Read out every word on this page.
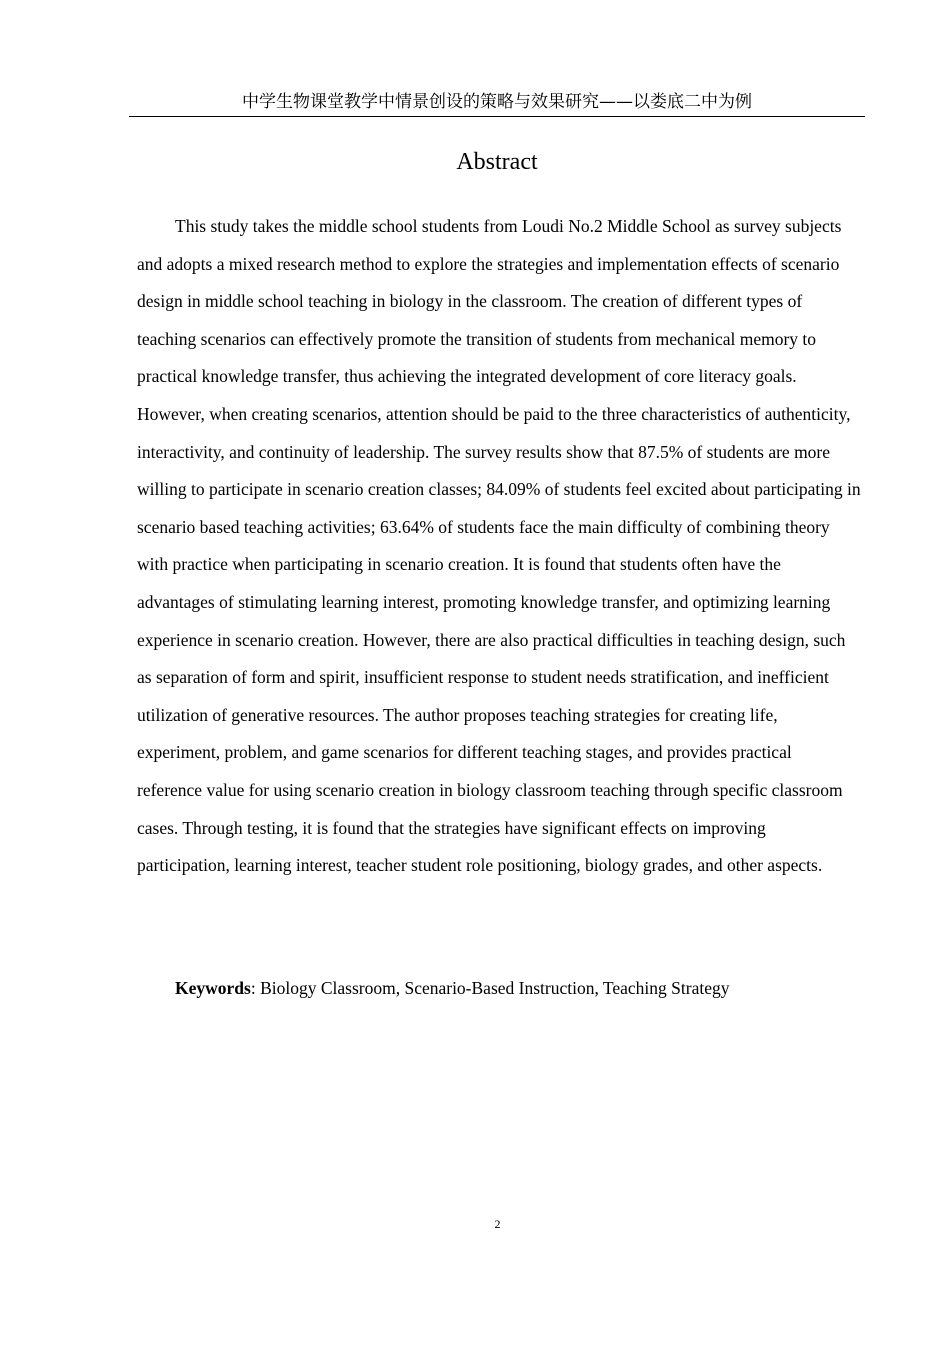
中学生物课堂教学中情景创设的策略与效果研究——以娄底二中为例
Abstract

This study takes the middle school students from Loudi No.2 Middle School as survey subjects and adopts a mixed research method to explore the strategies and implementation effects of scenario design in middle school teaching in biology in the classroom. The creation of different types of teaching scenarios can effectively promote the transition of students from mechanical memory to practical knowledge transfer, thus achieving the integrated development of core literacy goals. However, when creating scenarios, attention should be paid to the three characteristics of authenticity, interactivity, and continuity of leadership. The survey results show that 87.5% of students are more willing to participate in scenario creation classes; 84.09% of students feel excited about participating in scenario based teaching activities; 63.64% of students face the main difficulty of combining theory with practice when participating in scenario creation. It is found that students often have the advantages of stimulating learning interest, promoting knowledge transfer, and optimizing learning experience in scenario creation. However, there are also practical difficulties in teaching design, such as separation of form and spirit, insufficient response to student needs stratification, and inefficient utilization of generative resources. The author proposes teaching strategies for creating life, experiment, problem, and game scenarios for different teaching stages, and provides practical reference value for using scenario creation in biology classroom teaching through specific classroom cases. Through testing, it is found that the strategies have significant effects on improving participation, learning interest, teacher student role positioning, biology grades, and other aspects.

Keywords: Biology Classroom, Scenario-Based Instruction, Teaching Strategy

2
